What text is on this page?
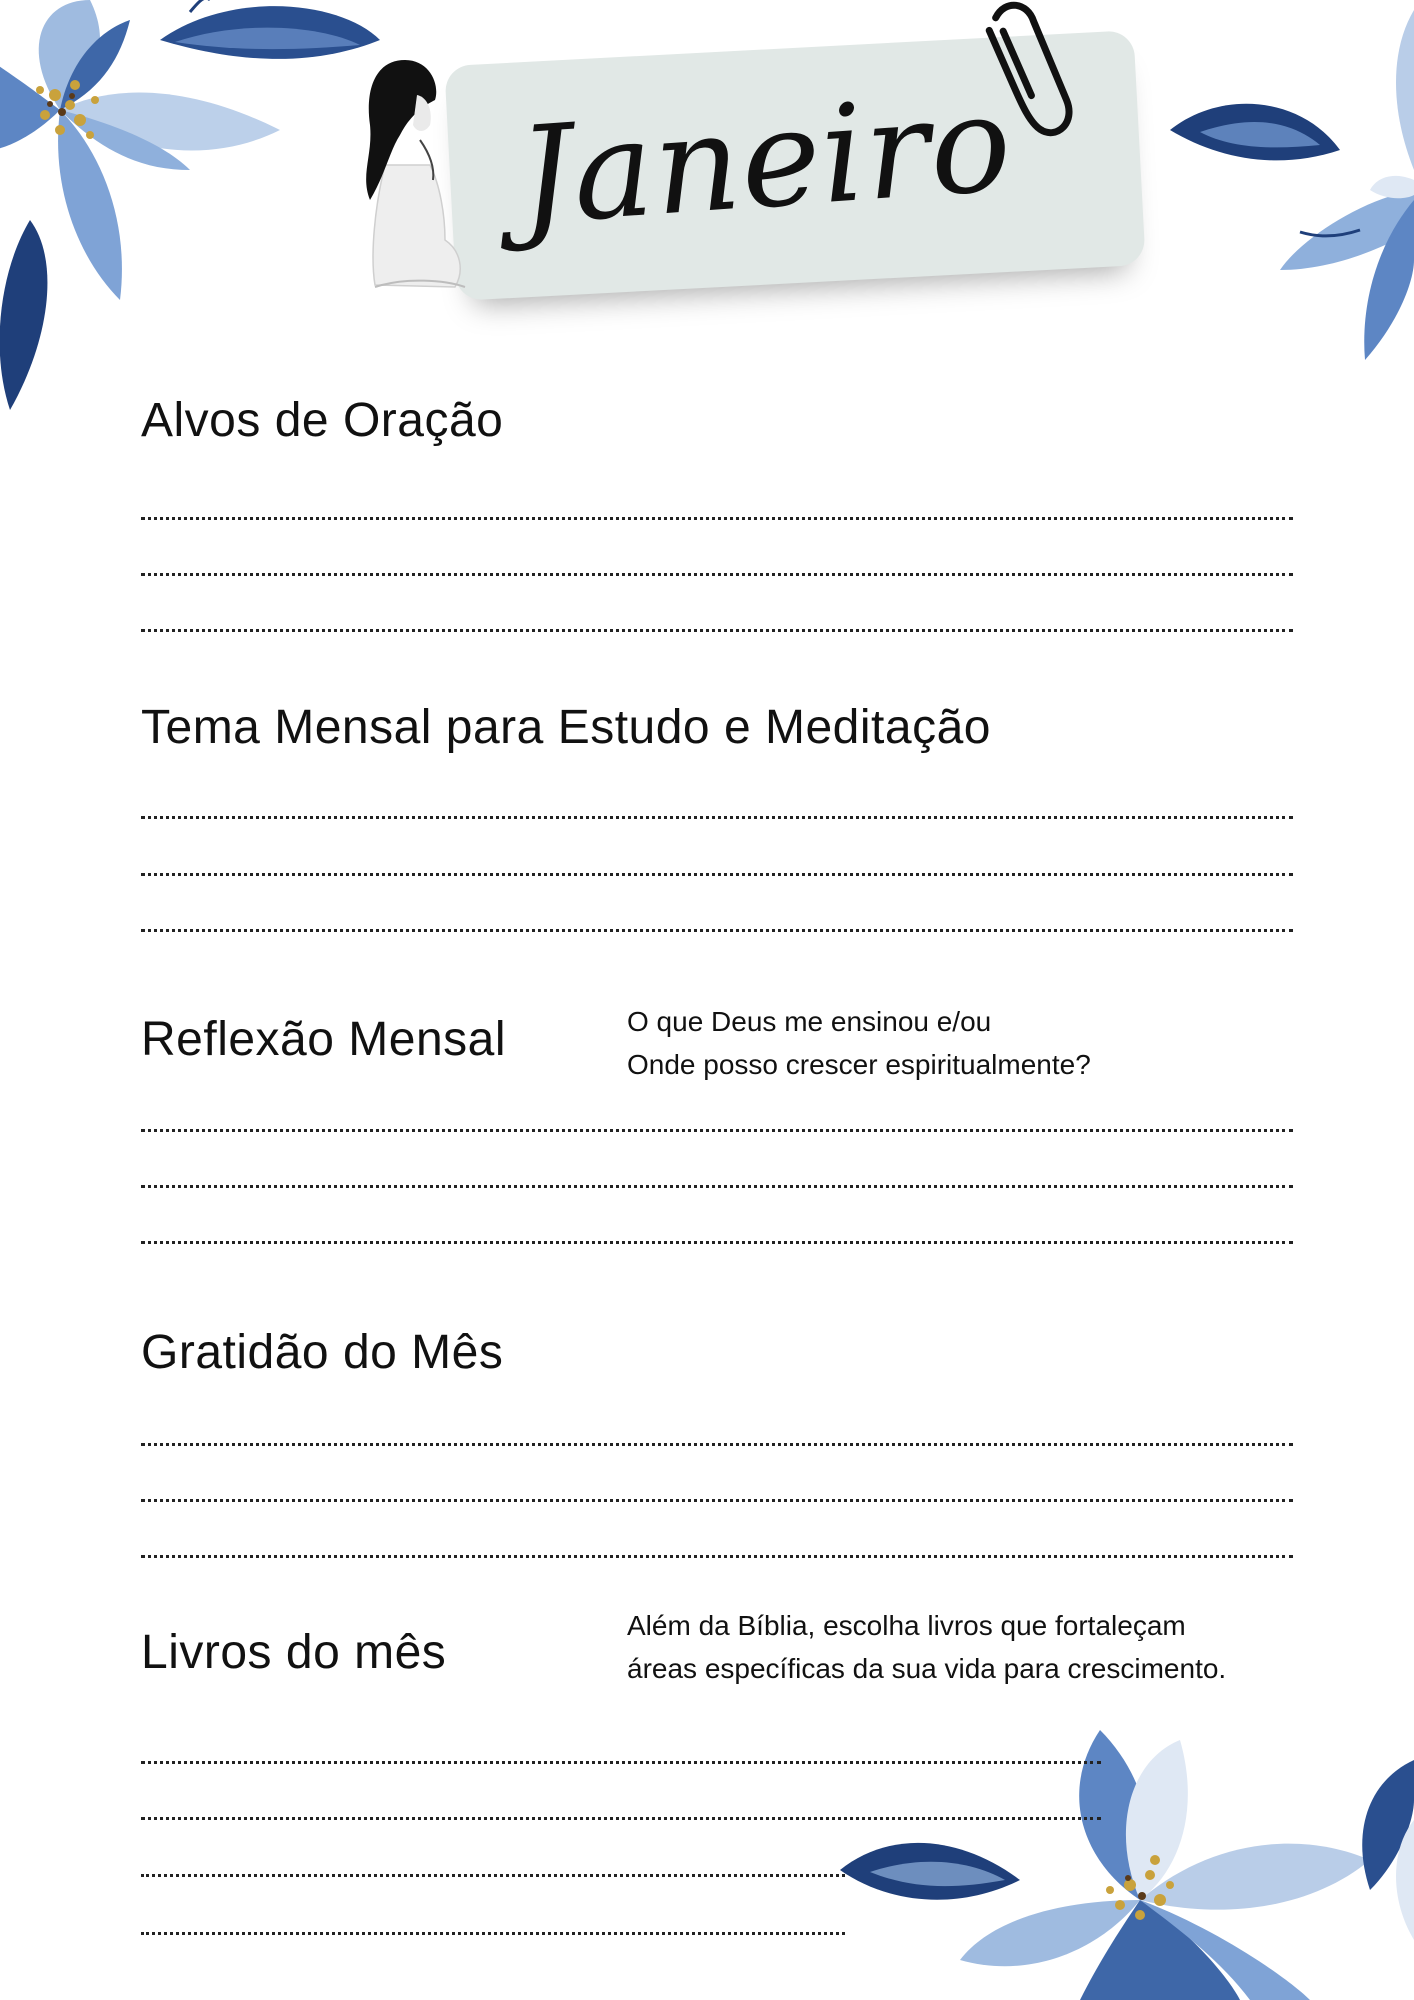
Janeiro
Alvos de Oração
Tema Mensal para Estudo e Meditação
Reflexão Mensal	O que Deus me ensinou e/ou
Onde posso crescer espiritualmente?
Gratidão do Mês
Livros do mês
Além da Bíblia, escolha livros que fortaleçam
áreas específicas da sua vida para crescimento.
